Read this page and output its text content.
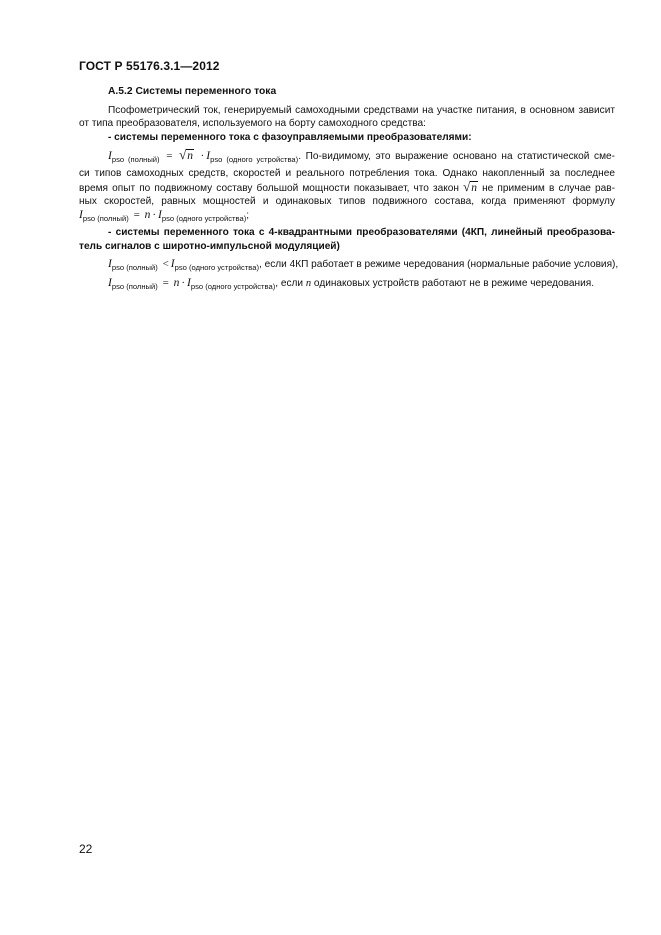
ГОСТ Р 55176.3.1—2012
А.5.2 Системы переменного тока

Псофометрический ток, генерируемый самоходными средствами на участке питания, в основном зависит
от типа преобразователя, используемого на борту самоходного средства:

- системы переменного тока с фазоуправляемыми преобразователями:

$I_{pso (полный)} = √n \cdot I_{pso (одного устройства)}$. По-видимому, это выражение основано на статистической сме-
си типов самоходных средств, скоростей и реального потребления тока. Однако накопленный за последнее
время опыт по подвижному составу большой мощности показывает, что закон √n не применим в случае рав-
ных скоростей, равных мощностей и одинаковых типов подвижного состава, когда применяют формулу
$I_{pso (полный)} = n \cdot I_{pso (одного устройства)}$;

- системы переменного тока с 4-квадрантными преобразователями (4КП, линейный преобразова-
тель сигналов с широтно-импульсной модуляцией)

$I_{pso (полный)} < I_{pso (одного устройства)}$, если 4КП работает в режиме чередования (нормальные рабочие условия),
$I_{pso (полный)} = n \cdot I_{pso (одного устройства)}$, если n одинаковых устройств работают не в режиме чередования.

22
